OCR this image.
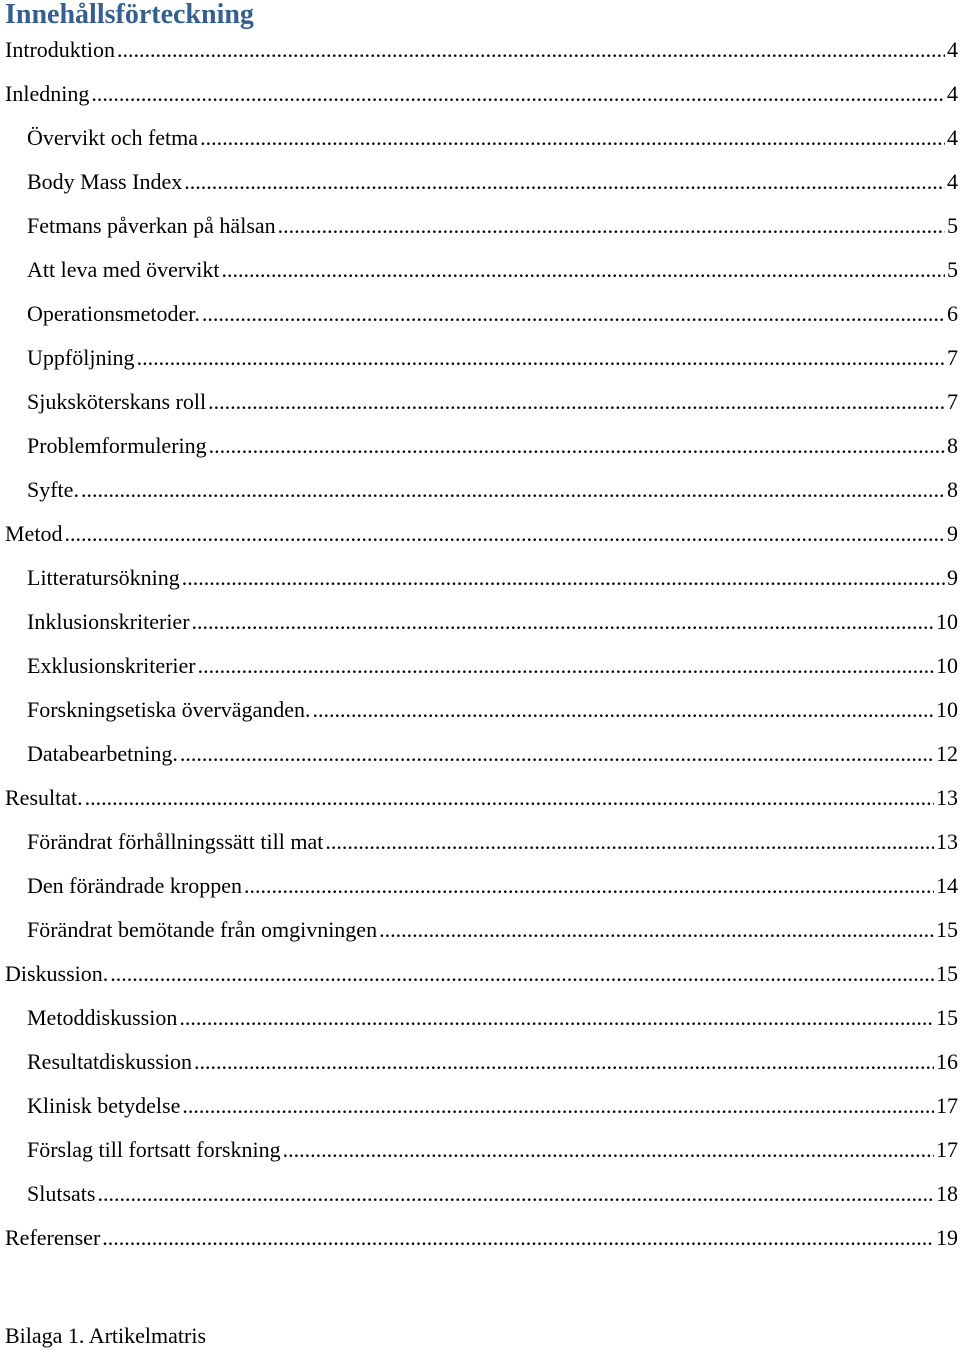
Innehållsförteckning
Introduktion .....	4
Inledning .....	4
Övervikt och fetma .....	4
Body Mass Index .....	4
Fetmans påverkan på hälsan .....	5
Att leva med övervikt .....	5
Operationsmetoder. .....	6
Uppföljning .....	7
Sjuksköterskans roll .....	7
Problemformulering .....	8
Syfte. .....	8
Metod .....	9
Litteratursökning .....	9
Inklusionskriterier .....	10
Exklusionskriterier .....	10
Forskningsetiska överväganden. .....	10
Databearbetning. .....	12
Resultat. .....	13
Förändrat förhållningssätt till mat .....	13
Den förändrade kroppen .....	14
Förändrat bemötande från omgivningen .....	15
Diskussion. .....	15
Metoddiskussion .....	15
Resultatdiskussion .....	16
Klinisk betydelse .....	17
Förslag till fortsatt forskning .....	17
Slutsats .....	18
Referenser .....	19
Bilaga 1. Artikelmatris
